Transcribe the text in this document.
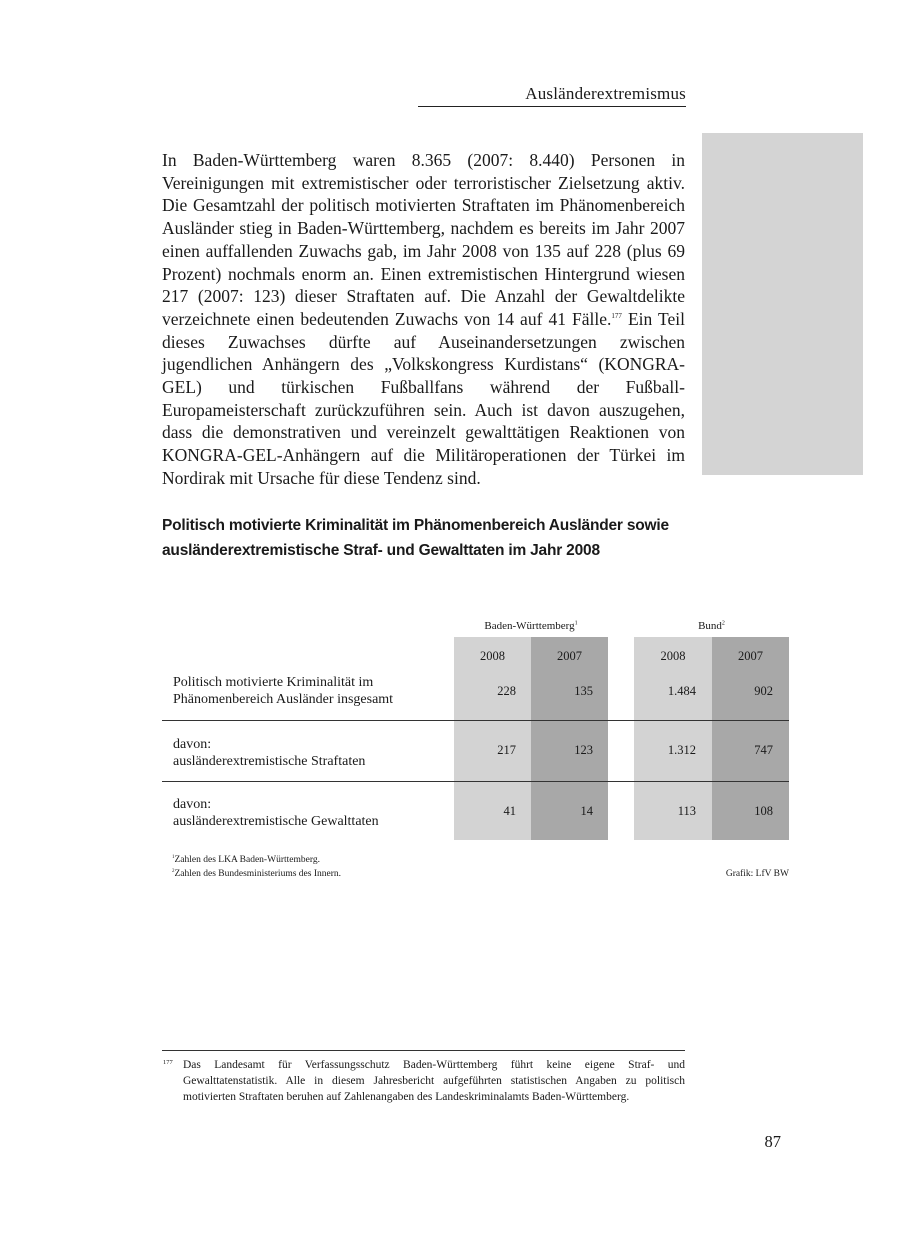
Ausländerextremismus
In Baden-Württemberg waren 8.365 (2007: 8.440) Personen in Vereinigungen mit extremistischer oder terroristischer Zielsetzung aktiv. Die Gesamtzahl der politisch motivierten Straftaten im Phänomenbereich Ausländer stieg in Baden-Württemberg, nachdem es bereits im Jahr 2007 einen auffallenden Zuwachs gab, im Jahr 2008 von 135 auf 228 (plus 69 Prozent) nochmals enorm an. Einen extremistischen Hintergrund wiesen 217 (2007: 123) dieser Straftaten auf. Die Anzahl der Gewaltdelikte verzeichnete einen bedeutenden Zuwachs von 14 auf 41 Fälle.$^{177}$ Ein Teil dieses Zuwachses dürfte auf Auseinandersetzungen zwischen jugendlichen Anhängern des „Volkskongress Kurdistans“ (KONGRA-GEL) und türkischen Fußballfans während der Fußball-Europameisterschaft zurückzuführen sein. Auch ist davon auszugehen, dass die demonstrativen und vereinzelt gewalttätigen Reaktionen von KONGRA-GEL-Anhängern auf die Militäroperationen der Türkei im Nordirak mit Ursache für diese Tendenz sind.
Politisch motivierte Kriminalität im Phänomenbereich Ausländer sowie
ausländerextremistische Straf- und Gewalttaten im Jahr 2008
Baden-Württemberg$^1$	Bund$^2$
2008	2007	2008	2007
Politisch motivierte Kriminalität im
Phänomenbereich Ausländer insgesamt
228	135	1.484	902
davon:
ausländerextremistische Straftaten
217	123	1.312	747
davon:
ausländerextremistische Gewalttaten
41	14	113	108
$^1$Zahlen des LKA Baden-Württemberg.
$^2$Zahlen des Bundesministeriums des Innern.	Grafik: LfV BW
177 Das Landesamt für Verfassungsschutz Baden-Württemberg führt keine eigene Straf- und Gewalttatenstatistik. Alle in diesem Jahresbericht aufgeführten statistischen Angaben zu politisch motivierten Straftaten beruhen auf Zahlenangaben des Landeskriminalamts Baden-Württemberg.
87
